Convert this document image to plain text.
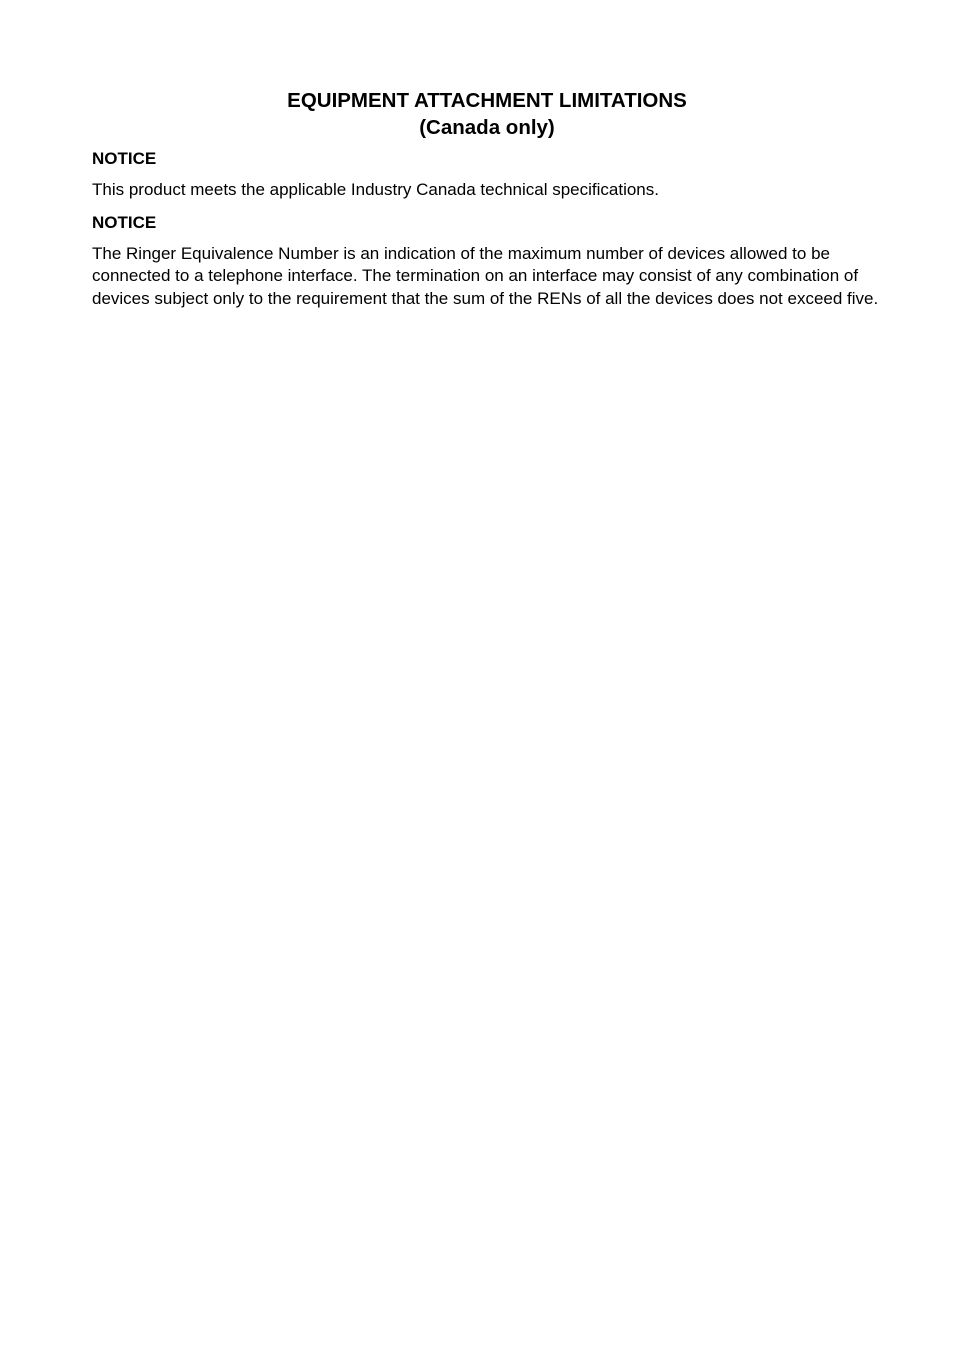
EQUIPMENT ATTACHMENT LIMITATIONS
(Canada only)

NOTICE

This product meets the applicable Industry Canada technical specifications.

NOTICE

The Ringer Equivalence Number is an indication of the maximum number of devices allowed to be connected to a telephone interface. The termination on an interface may consist of any combination of devices subject only to the requirement that the sum of the RENs of all the devices does not exceed five.
